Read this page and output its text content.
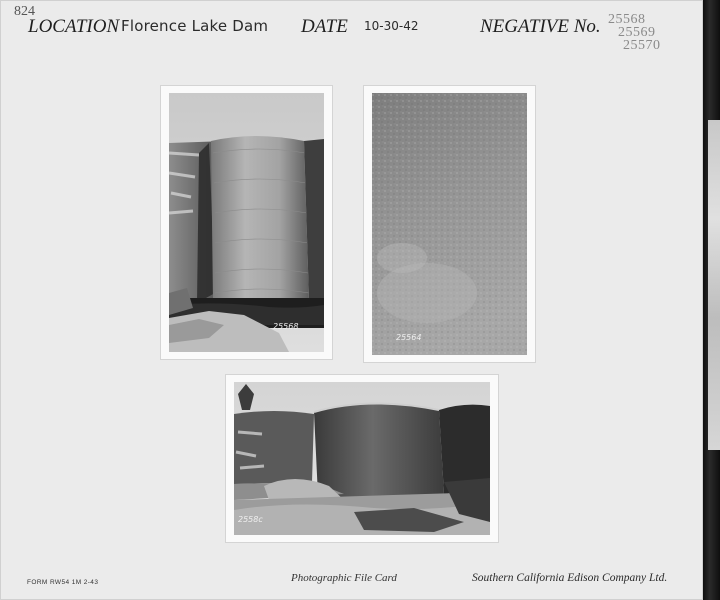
824
LOCATION Florence Lake Dam DATE 10-30-42	NEGATIVE No. 25568
25569
25570
25568
25564
2558c
FORM RW54 1M 2-43	Photographic File Card	Southern California Edison Company Ltd.
